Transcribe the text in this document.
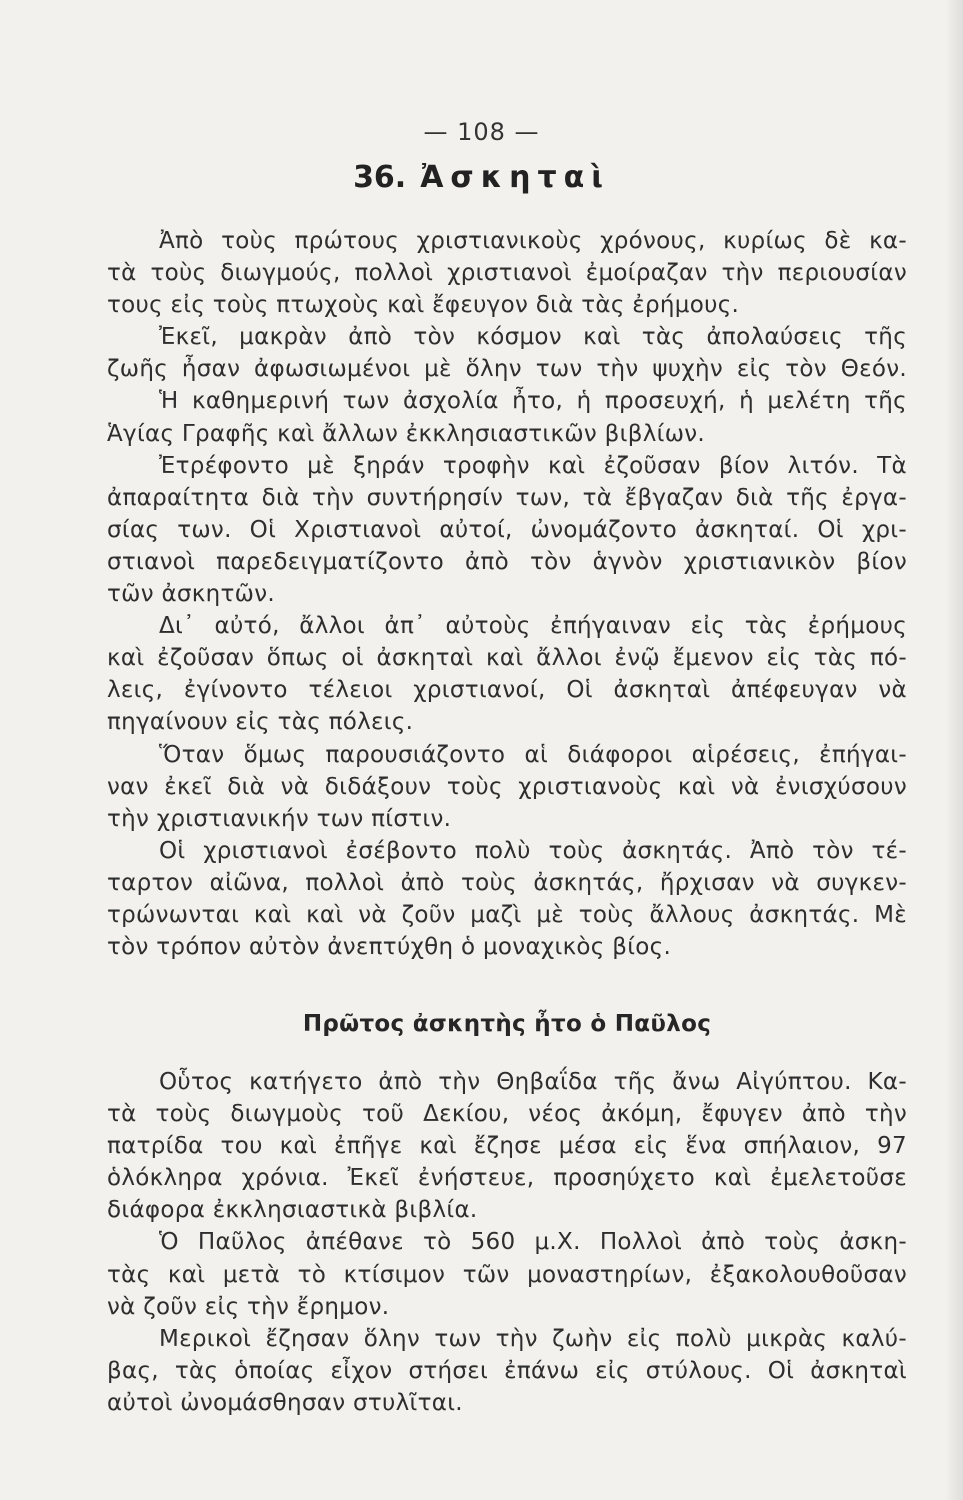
— 108 —
36. Ἀσκηταὶ
Ἀπὸ τοὺς πρώτους χριστιανικοὺς χρόνους, κυρίως δὲ κα-
τὰ τοὺς διωγμούς, πολλοὶ χριστιανοὶ ἐμοίραζαν τὴν περιουσίαν
τους εἰς τοὺς πτωχοὺς καὶ ἔφευγον διὰ τὰς ἐρήμους.
Ἐκεῖ, μακρὰν ἀπὸ τὸν κόσμον καὶ τὰς ἀπολαύσεις τῆς
ζωῆς ἦσαν ἀφωσιωμένοι μὲ ὅλην των τὴν ψυχὴν εἰς τὸν Θεόν.
Ἡ καθημερινή των ἀσχολία ἦτο, ἡ προσευχή, ἡ μελέτη τῆς
Ἁγίας Γραφῆς καὶ ἄλλων ἐκκλησιαστικῶν βιβλίων.
Ἐτρέφοντο μὲ ξηράν τροφὴν καὶ ἐζοῦσαν βίον λιτόν. Τὰ
ἀπαραίτητα διὰ τὴν συντήρησίν των, τὰ ἔβγαζαν διὰ τῆς ἐργα-
σίας των. Οἱ Χριστιανοὶ αὐτοί, ὠνομάζοντο ἀσκηταί. Οἱ χρι-
στιανοὶ παρεδειγματίζοντο ἀπὸ τὸν ἁγνὸν χριστιανικὸν βίον
τῶν ἀσκητῶν.
Δι᾿ αὐτό, ἄλλοι ἀπ᾿ αὐτοὺς ἐπήγαιναν εἰς τὰς ἐρήμους
καὶ ἐζοῦσαν ὅπως οἱ ἀσκηταὶ καὶ ἄλλοι ἐνῷ ἔμενον εἰς τὰς πό-
λεις, ἐγίνοντο τέλειοι χριστιανοί, Οἱ ἀσκηταὶ ἀπέφευγαν νὰ
πηγαίνουν εἰς τὰς πόλεις.
Ὅταν ὅμως παρουσιάζοντο αἱ διάφοροι αἱρέσεις, ἐπήγαι-
ναν ἐκεῖ διὰ νὰ διδάξουν τοὺς χριστιανοὺς καὶ νὰ ἐνισχύσουν
τὴν χριστιανικήν των πίστιν.
Οἱ χριστιανοὶ ἐσέβοντο πολὺ τοὺς ἀσκητάς. Ἀπὸ τὸν τέ-
ταρτον αἰῶνα, πολλοὶ ἀπὸ τοὺς ἀσκητάς, ἤρχισαν νὰ συγκεν-
τρώνωνται καὶ καὶ νὰ ζοῦν μαζὶ μὲ τοὺς ἄλλους ἀσκητάς. Μὲ
τὸν τρόπον αὐτὸν ἀνεπτύχθη ὁ μοναχικὸς βίος.
Πρῶτος ἀσκητὴς ἦτο ὁ Παῦλος
Οὗτος κατήγετο ἀπὸ τὴν Θηβαΐδα τῆς ἄνω Αἰγύπτου. Κα-
τὰ τοὺς διωγμοὺς τοῦ Δεκίου, νέος ἀκόμη, ἔφυγεν ἀπὸ τὴν
πατρίδα του καὶ ἐπῆγε καὶ ἔζησε μέσα εἰς ἕνα σπήλαιον, 97
ὁλόκληρα χρόνια. Ἐκεῖ ἐνήστευε, προσηύχετο καὶ ἐμελετοῦσε
διάφορα ἐκκλησιαστικὰ βιβλία.
Ὁ Παῦλος ἀπέθανε τὸ 560 μ.Χ. Πολλοὶ ἀπὸ τοὺς ἀσκη-
τὰς καὶ μετὰ τὸ κτίσιμον τῶν μοναστηρίων, ἐξακολουθοῦσαν
νὰ ζοῦν εἰς τὴν ἔρημον.
Μερικοὶ ἔζησαν ὅλην των τὴν ζωὴν εἰς πολὺ μικρὰς καλύ-
βας, τὰς ὁποίας εἶχον στήσει ἐπάνω εἰς στύλους. Οἱ ἀσκηταὶ
αὐτοὶ ὠνομάσθησαν στυλῖται.
